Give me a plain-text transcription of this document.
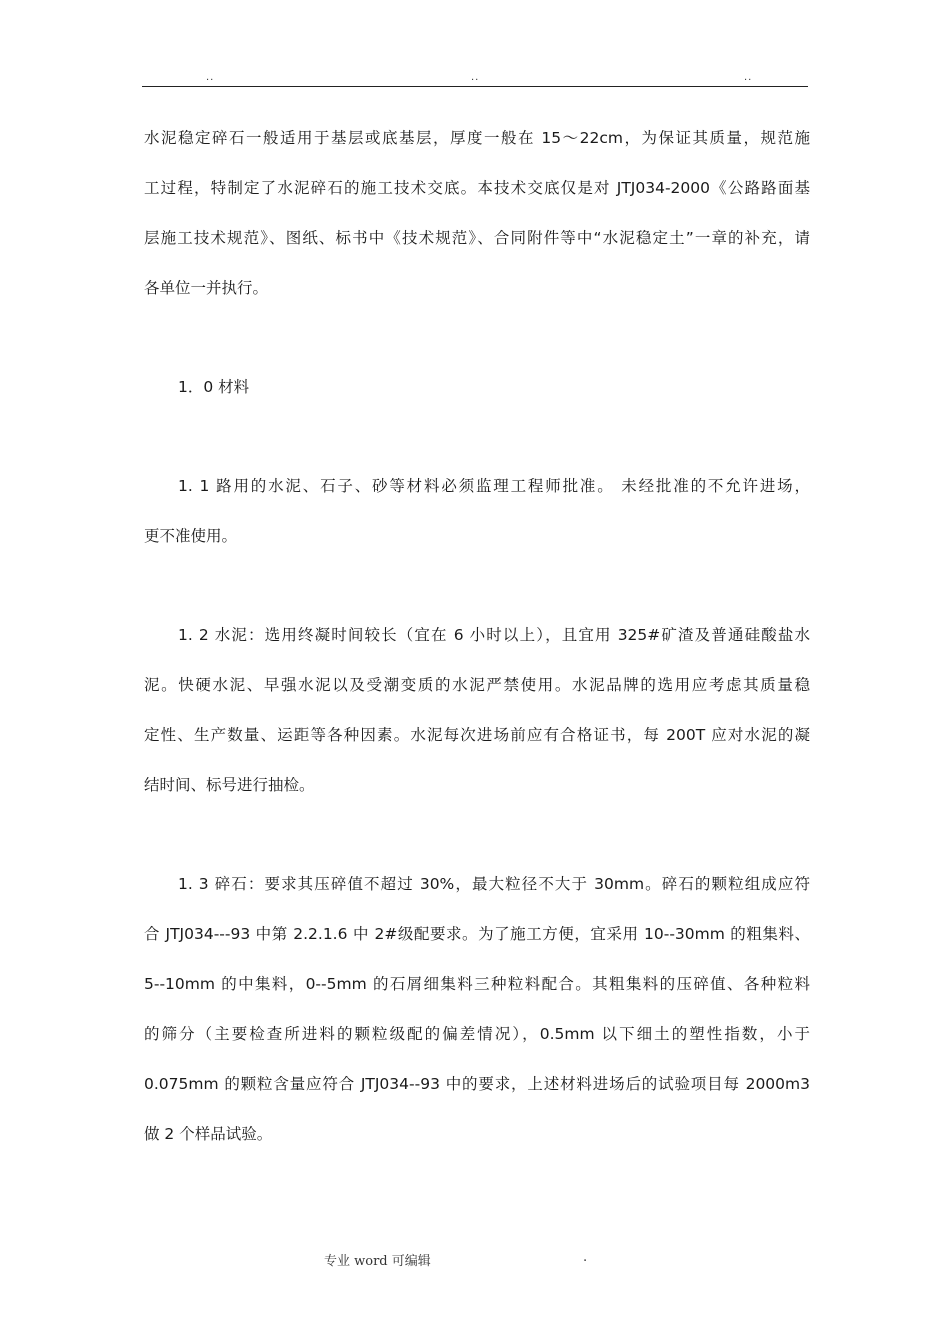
..	..	..
水泥稳定碎石一般适用于基层或底基层，厚度一般在 15～22cm，为保证其质量，规范施
工过程，特制定了水泥碎石的施工技术交底。本技术交底仅是对 JTJ034-2000《公路路面基
层施工技术规范》、图纸、标书中《技术规范》、合同附件等中“水泥稳定土”一章的补充，请
各单位一并执行。
1．0 材料
1. 1 路用的水泥、石子、砂等材料必须监理工程师批准。 未经批准的不允许进场，
更不准使用。
1. 2 水泥：选用终凝时间较长（宜在 6 小时以上），且宜用 325#矿渣及普通硅酸盐水
泥。快硬水泥、早强水泥以及受潮变质的水泥严禁使用。水泥品牌的选用应考虑其质量稳
定性、生产数量、运距等各种因素。水泥每次进场前应有合格证书，每 200T 应对水泥的凝
结时间、标号进行抽检。
1. 3 碎石：要求其压碎值不超过 30%，最大粒径不大于 30mm。碎石的颗粒组成应符
合 JTJ034---93 中第 2.2.1.6 中 2#级配要求。为了施工方便，宜采用 10--30mm 的粗集料、
5--10mm 的中集料，0--5mm 的石屑细集料三种粒料配合。其粗集料的压碎值、各种粒料
的筛分（主要检查所进料的颗粒级配的偏差情况），0.5mm 以下细土的塑性指数，小于
0.075mm 的颗粒含量应符合 JTJ034--93 中的要求，上述材料进场后的试验项目每 2000m3
做 2 个样品试验。
专业 word 可编辑	.
